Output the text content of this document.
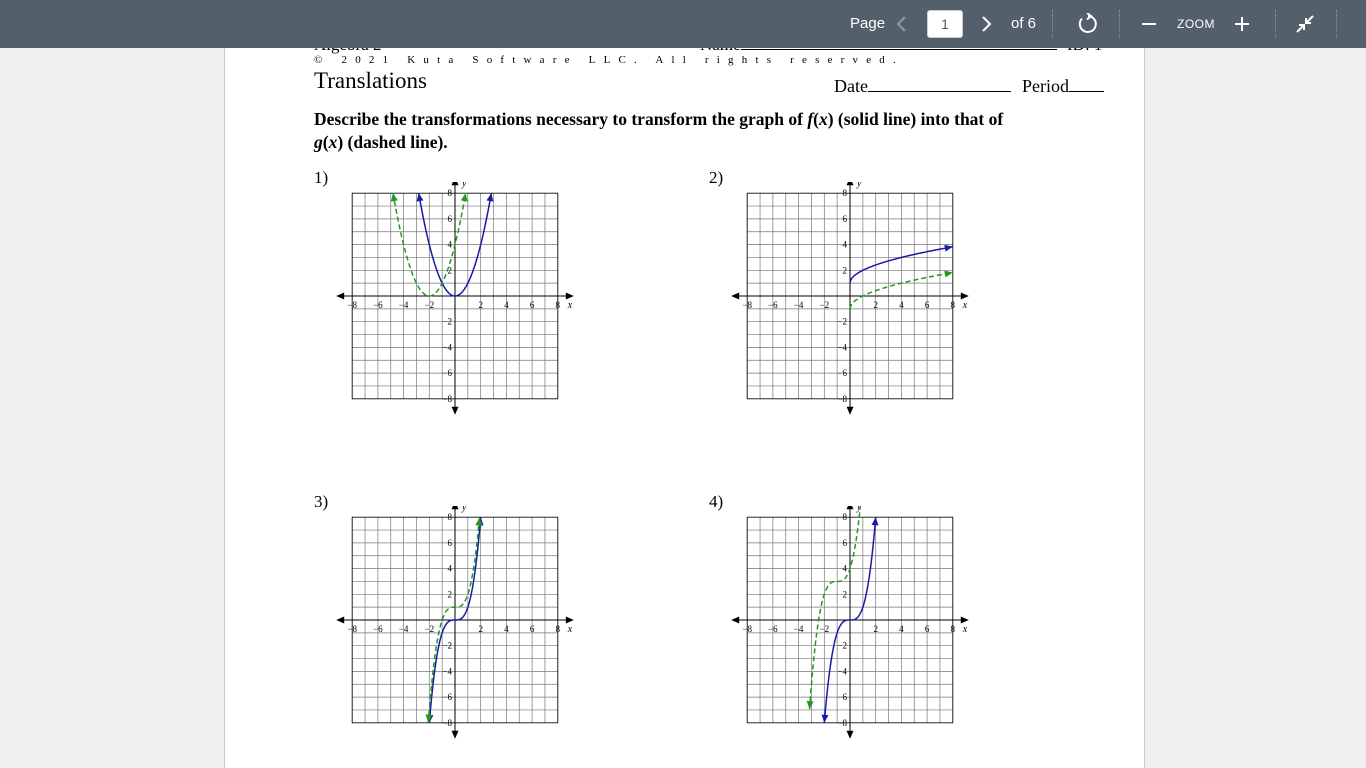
Page
1	of 6	ZOOM
© 2021 Kuta Software LLC. All rights reserved.
Translations	Date	Period
Describe the transformations necessary to transform the graph of f(x) (solid line) into that of
g(x) (dashed line).
1)	2)
3)	4)
−8 −6 −4 −2	2 4 6 8
8
6
4
2
−2
−4
−6
−8
x
y
−8 −6 −4 −2	2 4 6 8
8
6
4
2
−2
−4
−6
−8
x
y
−8 −6 −4 −2	2 4 6 8
8
6
4
2
−2
−4
−6
−8
x
y
−8 −6 −4 −2	2 4 6 8
8
6
4
2
−2
−4
−6
−8
x
y
